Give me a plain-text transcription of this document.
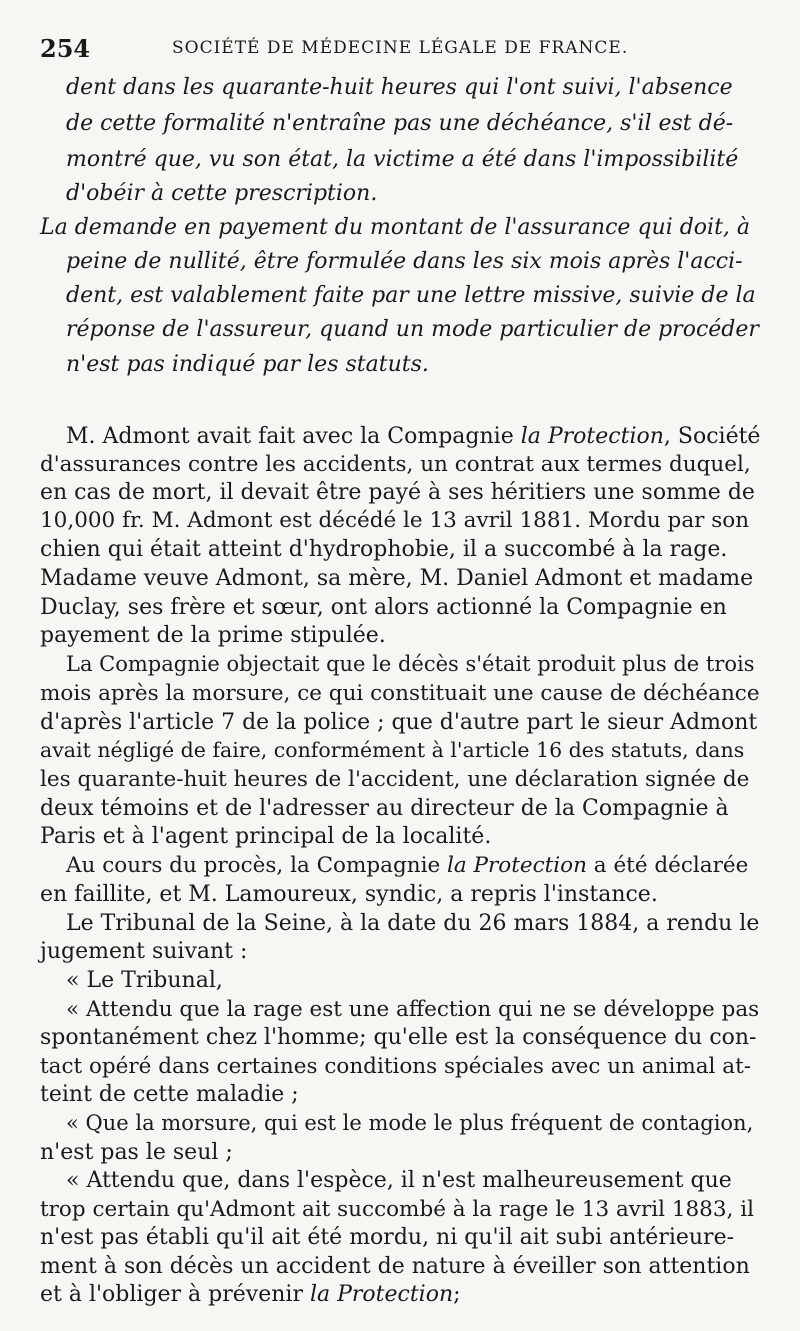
254	SOCIÉTÉ DE MÉDECINE LÉGALE DE FRANCE.
dent dans les quarante-huit heures qui l'ont suivi, l'absence
de cette formalité n'entraîne pas une déchéance, s'il est dé-
montré que, vu son état, la victime a été dans l'impossibilité
d'obéir à cette prescription.
La demande en payement du montant de l'assurance qui doit, à
peine de nullité, être formulée dans les six mois après l'acci-
dent, est valablement faite par une lettre missive, suivie de la
réponse de l'assureur, quand un mode particulier de procéder
n'est pas indiqué par les statuts.
M. Admont avait fait avec la Compagnie la Protection, Société
d'assurances contre les accidents, un contrat aux termes duquel,
en cas de mort, il devait être payé à ses héritiers une somme de
10,000 fr. M. Admont est décédé le 13 avril 1881. Mordu par son
chien qui était atteint d'hydrophobie, il a succombé à la rage.
Madame veuve Admont, sa mère, M. Daniel Admont et madame
Duclay, ses frère et sœur, ont alors actionné la Compagnie en
payement de la prime stipulée.
La Compagnie objectait que le décès s'était produit plus de trois
mois après la morsure, ce qui constituait une cause de déchéance
d'après l'article 7 de la police ; que d'autre part le sieur Admont
avait négligé de faire, conformément à l'article 16 des statuts, dans
les quarante-huit heures de l'accident, une déclaration signée de
deux témoins et de l'adresser au directeur de la Compagnie à
Paris et à l'agent principal de la localité.
Au cours du procès, la Compagnie la Protection a été déclarée
en faillite, et M. Lamoureux, syndic, a repris l'instance.
Le Tribunal de la Seine, à la date du 26 mars 1884, a rendu le
jugement suivant :
« Le Tribunal,
« Attendu que la rage est une affection qui ne se développe pas
spontanément chez l'homme; qu'elle est la conséquence du con-
tact opéré dans certaines conditions spéciales avec un animal at-
teint de cette maladie ;
« Que la morsure, qui est le mode le plus fréquent de contagion,
n'est pas le seul ;
« Attendu que, dans l'espèce, il n'est malheureusement que
trop certain qu'Admont ait succombé à la rage le 13 avril 1883, il
n'est pas établi qu'il ait été mordu, ni qu'il ait subi antérieure-
ment à son décès un accident de nature à éveiller son attention
et à l'obliger à prévenir la Protection;
